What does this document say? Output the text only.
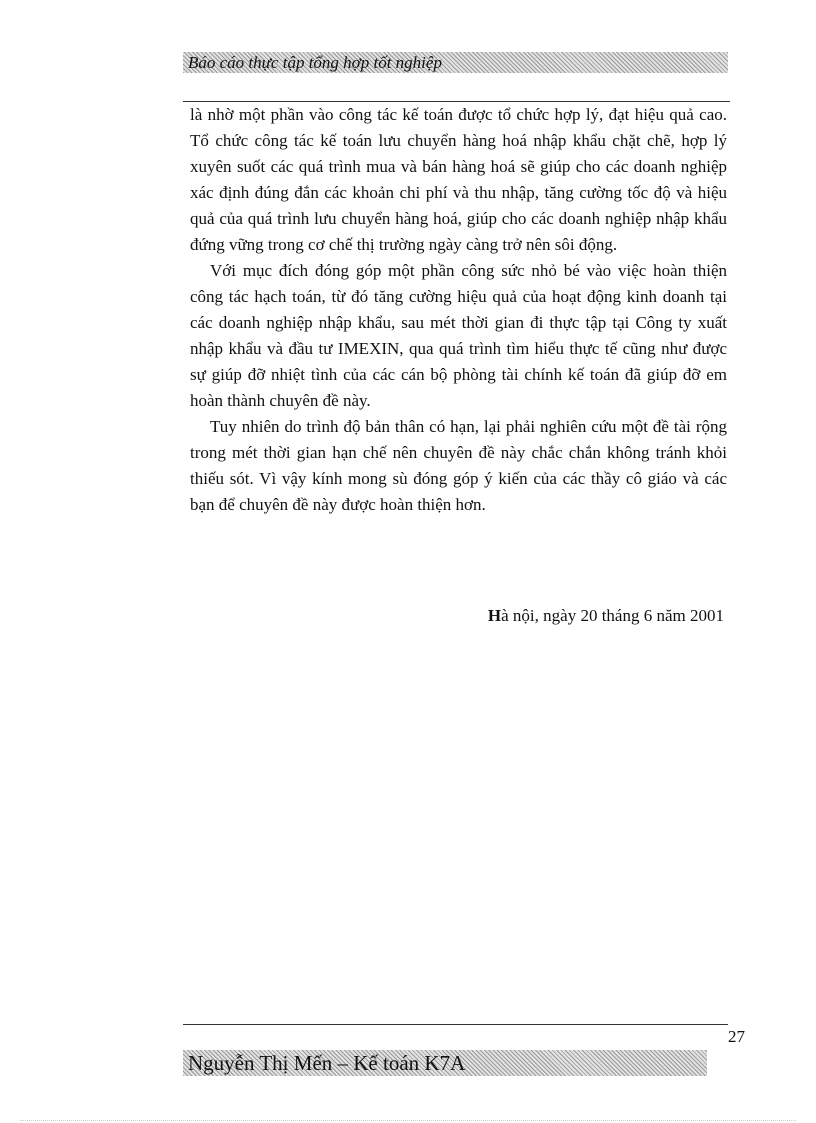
Báo cáo thực tập tổng hợp tốt nghiệp

là nhờ một phần vào công tác kế toán được tổ chức hợp lý, đạt hiệu quả cao. Tổ chức công tác kế toán lưu chuyển hàng hoá nhập khẩu chặt chẽ, hợp lý xuyên suốt các quá trình mua và bán hàng hoá sẽ giúp cho các doanh nghiệp xác định đúng đắn các khoản chi phí và thu nhập, tăng cường tốc độ và hiệu quả của quá trình lưu chuyển hàng hoá, giúp cho các doanh nghiệp nhập khẩu đứng vững trong cơ chế thị trường ngày càng trở nên sôi động.

Với mục đích đóng góp một phần công sức nhỏ bé vào việc hoàn thiện công tác hạch toán, từ đó tăng cường hiệu quả của hoạt động kinh doanh tại các doanh nghiệp nhập khẩu, sau mét thời gian đi thực tập tại Công ty xuất nhập khẩu và đầu tư IMEXIN, qua quá trình tìm hiểu thực tế cũng như được sự giúp đỡ nhiệt tình của các cán bộ phòng tài chính kế toán đã giúp đỡ em hoàn thành chuyên đề này.

Tuy nhiên do trình độ bản thân có hạn, lại phải nghiên cứu một đề tài rộng trong mét thời gian hạn chế nên chuyên đề này chắc chắn không tránh khỏi thiếu sót. Vì vậy kính mong sù đóng góp ý kiến của các thầy cô giáo và các bạn để chuyên đề này được hoàn thiện hơn.

Hà nội, ngày 20 tháng 6 năm 2001
27
Nguyễn Thị Mến – Kế toán K7A
